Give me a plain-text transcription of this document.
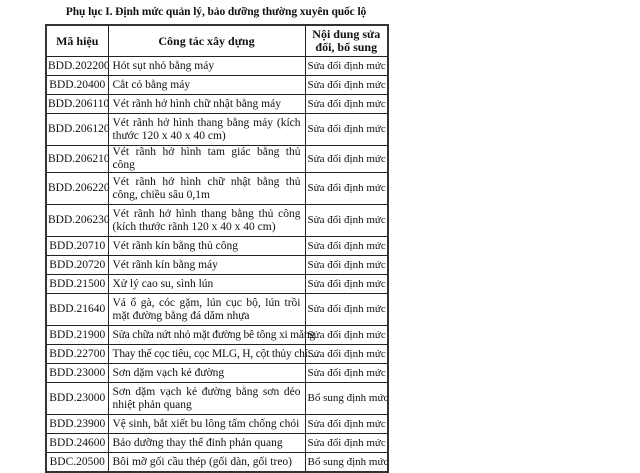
Phụ lục I. Định mức quản lý, bảo dưỡng thường xuyên quốc lộ
Mã hiệu	Công tác xây dựng	Nội dung sửa đổi, bổ sung
BDD.202200	Hót sụt nhỏ bằng máy	Sửa đổi định mức
BDD.20400	Cắt cỏ bằng máy	Sửa đổi định mức
BDD.206110	Vét rãnh hở hình chữ nhật bằng máy	Sửa đổi định mức
BDD.206120	Vét rãnh hở hình thang bằng máy (kích thước 120 x 40 x 40 cm)	Sửa đổi định mức
BDD.206210	Vét rãnh hở hình tam giác bằng thủ công	Sửa đổi định mức
BDD.206220	Vét rãnh hở hình chữ nhật bằng thủ công, chiều sâu 0,1m	Sửa đổi định mức
BDD.206230	Vét rãnh hở hình thang bằng thủ công (kích thước rãnh 120 x 40 x 40 cm)	Sửa đổi định mức
BDD.20710	Vét rãnh kín bằng thủ công	Sửa đổi định mức
BDD.20720	Vét rãnh kín bằng máy	Sửa đổi định mức
BDD.21500	Xử lý cao su, sình lún	Sửa đổi định mức
BDD.21640	Vá ổ gà, cóc gặm, lún cục bộ, lún trồi mặt đường bằng đá dăm nhựa	Sửa đổi định mức
BDD.21900	Sửa chữa nứt nhỏ mặt đường bê tông xi măng	Sửa đổi định mức
BDD.22700	Thay thế cọc tiêu, cọc MLG, H, cột thủy chí…	Sửa đổi định mức
BDD.23000	Sơn dặm vạch kẻ đường	Sửa đổi định mức
BDD.23000	Sơn dặm vạch kẻ đường bằng sơn dẻo nhiệt phản quang	Bổ sung định mức
BDD.23900	Vệ sinh, bắt xiết bu lông tấm chống chói	Sửa đổi định mức
BDD.24600	Bảo dưỡng thay thế đinh phản quang	Sửa đổi định mức
BDC.20500	Bôi mỡ gối cầu thép (gối dàn, gối treo)	Bổ sung định mức
